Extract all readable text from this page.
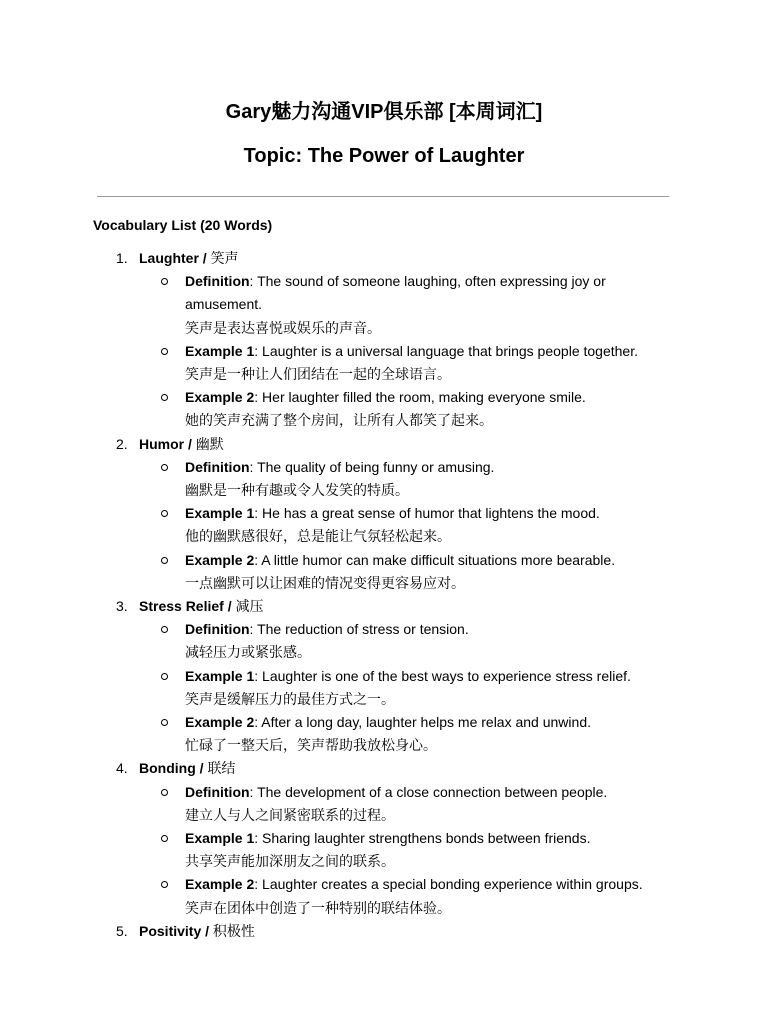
Gary魅力沟通VIP俱乐部 [本周词汇]
Topic: The Power of Laughter
Vocabulary List (20 Words)
1. Laughter / 笑声
Definition: The sound of someone laughing, often expressing joy or amusement.
笑声是表达喜悦或娱乐的声音。
Example 1: Laughter is a universal language that brings people together.
笑声是一种让人们团结在一起的全球语言。
Example 2: Her laughter filled the room, making everyone smile.
她的笑声充满了整个房间，让所有人都笑了起来。
2. Humor / 幽默
Definition: The quality of being funny or amusing.
幽默是一种有趣或令人发笑的特质。
Example 1: He has a great sense of humor that lightens the mood.
他的幽默感很好，总是能让气氛轻松起来。
Example 2: A little humor can make difficult situations more bearable.
一点幽默可以让困难的情况变得更容易应对。
3. Stress Relief / 减压
Definition: The reduction of stress or tension.
减轻压力或紧张感。
Example 1: Laughter is one of the best ways to experience stress relief.
笑声是缓解压力的最佳方式之一。
Example 2: After a long day, laughter helps me relax and unwind.
忙碌了一整天后，笑声帮助我放松身心。
4. Bonding / 联结
Definition: The development of a close connection between people.
建立人与人之间紧密联系的过程。
Example 1: Sharing laughter strengthens bonds between friends.
共享笑声能加深朋友之间的联系。
Example 2: Laughter creates a special bonding experience within groups.
笑声在团体中创造了一种特别的联结体验。
5. Positivity / 积极性
